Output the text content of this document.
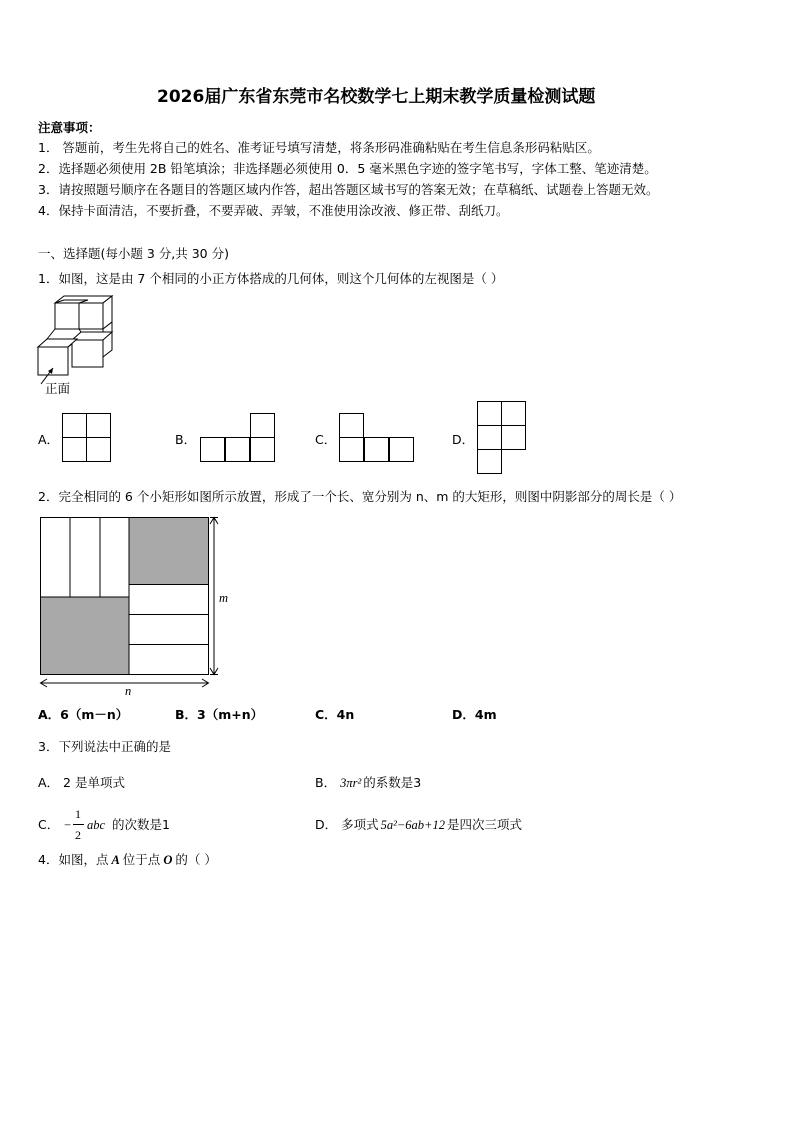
2026届广东省东莞市名校数学七上期末教学质量检测试题
注意事项：
1． 答题前，考生先将自己的姓名、准考证号填写清楚，将条形码准确粘贴在考生信息条形码粘贴区。
2．选择题必须使用 2B 铅笔填涂；非选择题必须使用 0．5 毫米黑色字迹的签字笔书写，字体工整、笔迹清楚。
3．请按照题号顺序在各题目的答题区域内作答，超出答题区域书写的答案无效；在草稿纸、试题卷上答题无效。
4．保持卡面清洁，不要折叠，不要弄破、弄皱，不准使用涂改液、修正带、刮纸刀。
一、选择题(每小题 3 分,共 30 分)
1．如图，这是由 7 个相同的小正方体搭成的几何体，则这个几何体的左视图是（ ）
正面
A．	B．	C．	D．
2．完全相同的 6 个小矩形如图所示放置，形成了一个长、宽分别为 n、m 的大矩形，则图中阴影部分的周长是（ ）
m
n
A．6（m－n）	B．3（m+n）	C．4n	D．4m
3．下列说法中正确的是
A． 2 是单项式	B． 3πr² 的系数是3
C． −
1
2
abc 的次数是1	D． 多项式 5a²−6ab+12 是四次三项式
4．如图，点 A 位于点 O 的（ ）
